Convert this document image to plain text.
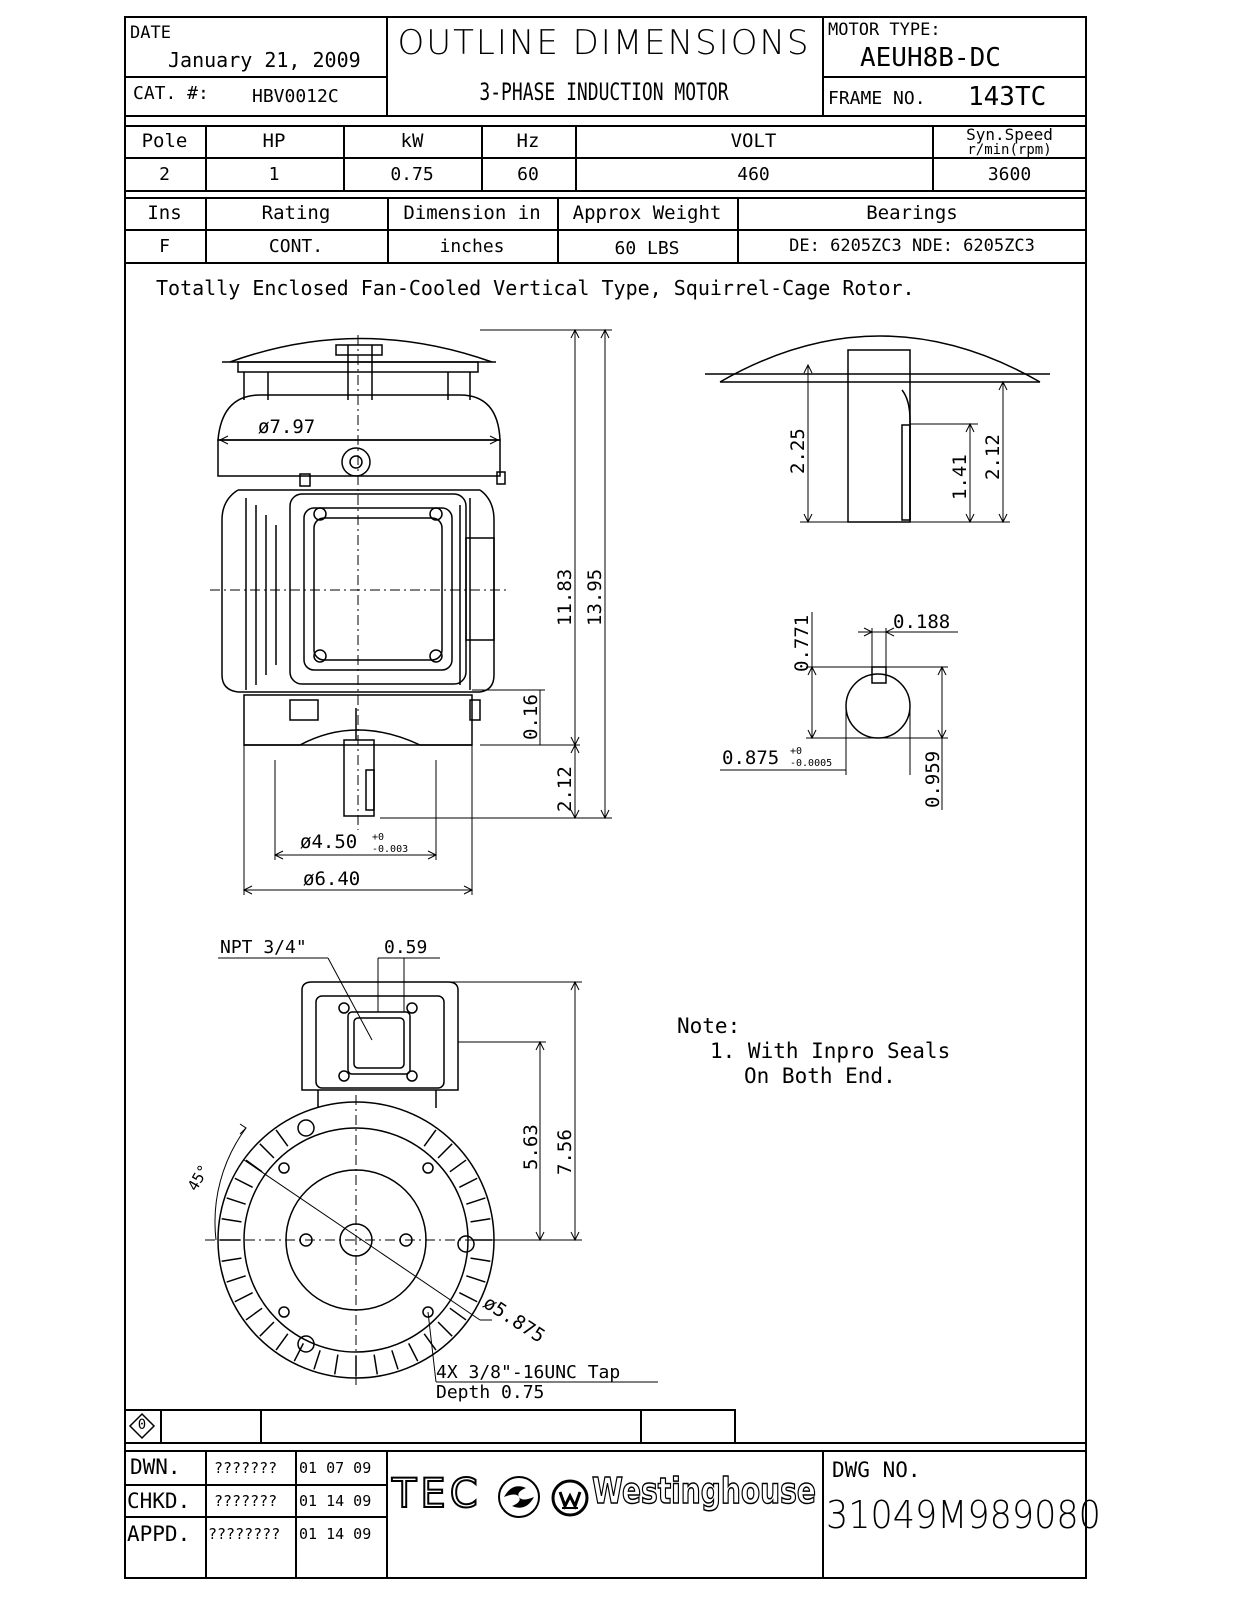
DATE
January 21, 2009
CAT. #: HBV0012C
OUTLINE DIMENSIONS
3-PHASE INDUCTION MOTOR
MOTOR TYPE:
AEUH8B-DC
FRAME NO. 143TC
Pole	HP	kW	Hz	VOLT	Syn.Speed
r/min(rpm)
2	1	0.75	60	460	3600
Ins	Rating	Dimension in	Approx Weight	Bearings
F	CONT.	inches	60 LBS	DE: 6205ZC3 NDE: 6205ZC3
Totally Enclosed Fan-Cooled Vertical Type, Squirrel-Cage Rotor.
ø7.97
11.83 13.95
0.16
2.12
ø4.50 +0
-0.003
ø6.40
2.25
1.41 2.12
0.188
0.771
0.875 +0
-0.0005	0.959
NPT 3/4"	0.59
5.63 7.56
45°
ø5.875
4X 3/8"-16UNC Tap
Depth 0.75
Note:
1. With Inpro Seals
On Both End.
0
DWN. ??????? 01 07 09
CHKD. ??????? 01 14 09
APPD. ???????? 01 14 09
TEC	Westinghouse
DWG NO.
31049M989080
